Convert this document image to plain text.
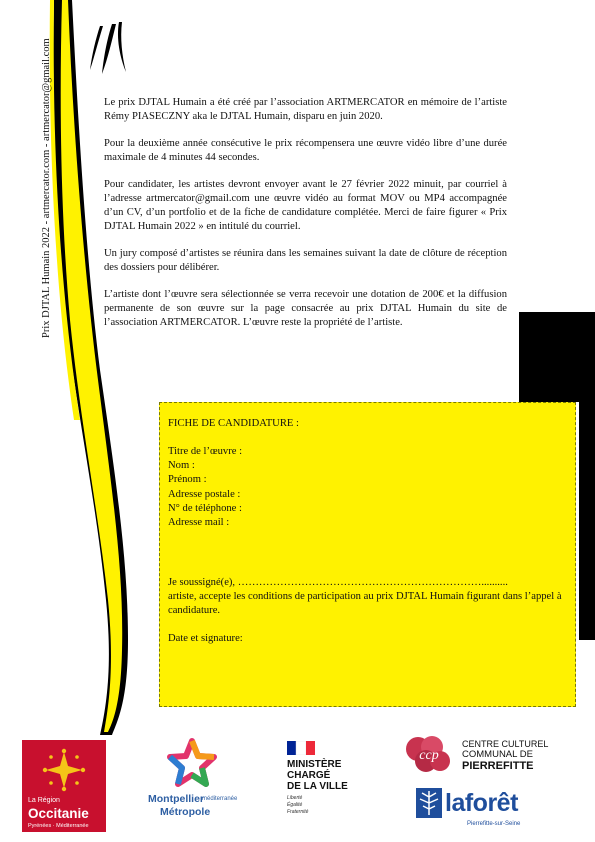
Prix DJTAL Humain 2022 - artmercator.com - artmercator@gmail.com	Le prix DJTAL Humain a été créé par l’association ARTMERCATOR en mémoire de l’artiste Rémy PIASECZNY aka le DJTAL Humain, disparu en juin 2020.

Pour la deuxième année consécutive le prix récompensera une œuvre vidéo libre d’une durée maximale de 4 minutes 44 secondes.

Pour candidater, les artistes devront envoyer avant le 27 février 2022 minuit, par courriel à l’adresse artmercator@gmail.com une œuvre vidéo au format MOV ou MP4 accompagnée d’un CV, d’un portfolio et de la fiche de candidature complétée. Merci de faire figurer « Prix DJTAL Humain 2022 » en intitulé du courriel.

Un jury composé d’artistes se réunira dans les semaines suivant la date de clôture de réception des dossiers pour délibérer.

L’artiste dont l’œuvre sera sélectionnée se verra recevoir une dotation de 200€ et la diffusion permanente de son œuvre sur la page consacrée au prix DJTAL Humain du site de l’association ARTMERCATOR. L’œuvre reste la propriété de l’artiste.

FICHE DE CANDIDATURE :
Titre de l’œuvre :
Nom :
Prénom :
Adresse postale :
N° de téléphone :
Adresse mail :
Je soussigné(e), ……………………………………………………………..........
artiste, accepte les conditions de participation au prix DJTAL Humain figurant dans l’appel à candidature.
Date et signature:
La Région
Occitanie
Pyrénées · Méditerranée
Montpellier
méditerranée
Métropole
MINISTÈRE
CHARGÉ
DE LA VILLE
Liberté
Égalité
Fraternité
ccp
CENTRE CULTUREL
COMMUNAL DE
PIERREFITTE
laforêt
Pierrefitte-sur-Seine
